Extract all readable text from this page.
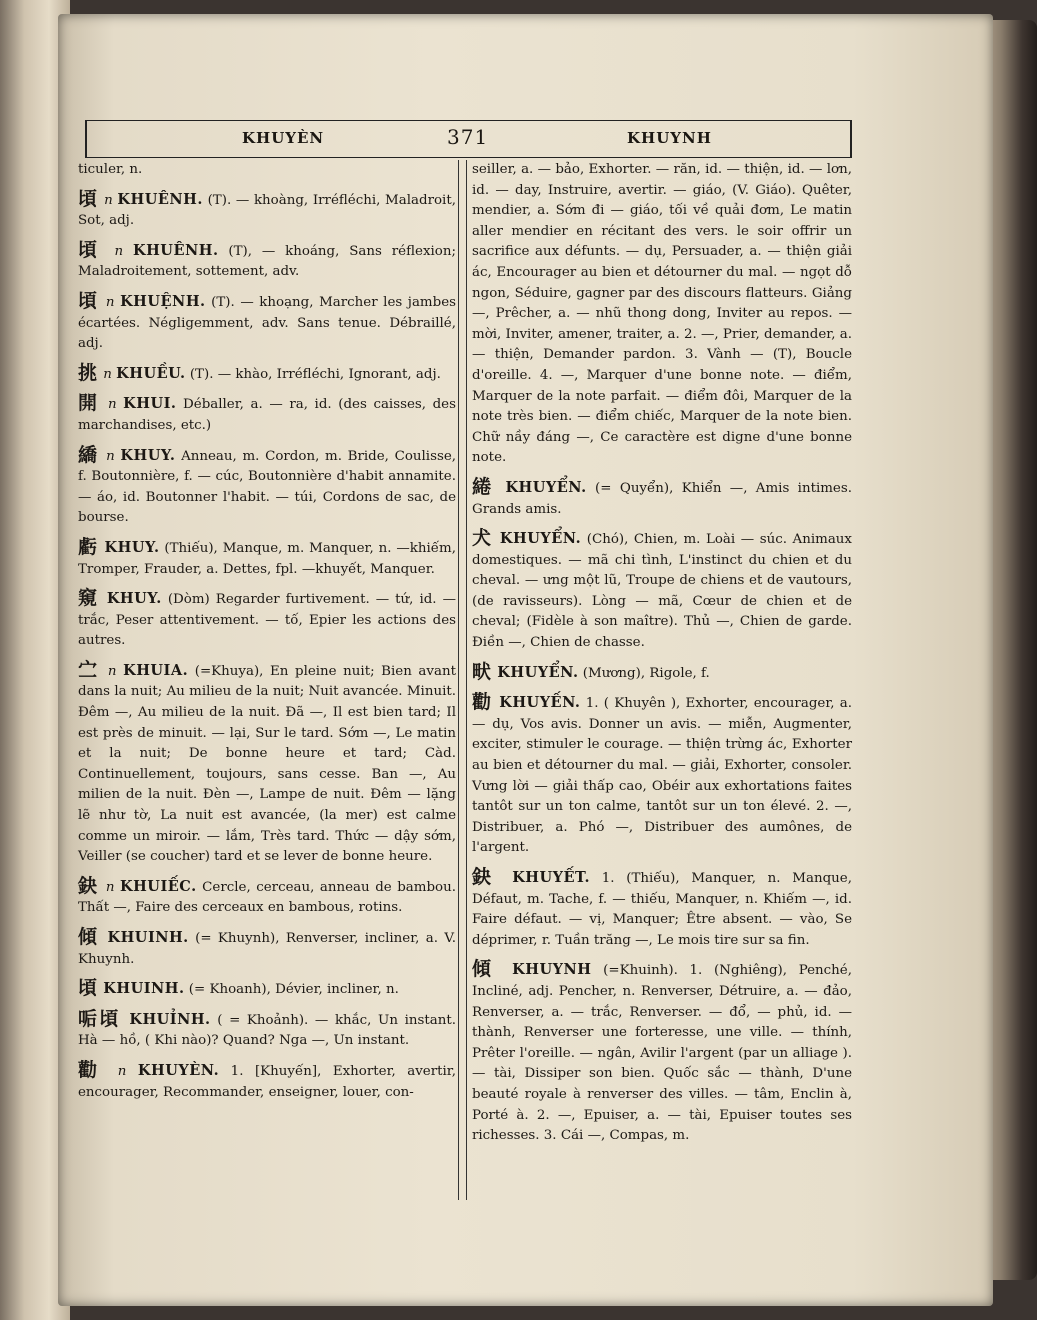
KHUYÈN	371	KHUYNH
ticuler, n.
頃 n KHUÊNH. (T). — khoàng, Irréfléchi, Maladroit, Sot, adj.
頃 n KHUÊNH. (T), — khoáng, Sans réflexion; Maladroitement, sottement, adv.
頃 n KHUỆNH. (T). — khoạng, Marcher les jambes écartées. Négligemment, adv. Sans tenue. Débraillé, adj.
挑 n KHUỀU. (T). — khào, Irréfléchi, Ignorant, adj.
開 n KHUI. Déballer, a. — ra, id. (des caisses, des marchandises, etc.)
繑 n KHUY. Anneau, m. Cordon, m. Bride, Coulisse, f. Boutonnière, f. — cúc, Boutonnière d'habit annamite. — áo, id. Boutonner l'habit. — túi, Cordons de sac, de bourse.
虧 KHUY. (Thiếu), Manque, m. Manquer, n. —khiếm, Tromper, Frauder, a. Dettes, fpl. —khuyết, Manquer.
窺 KHUY. (Dòm) Regarder furtivement. — tứ, id. — trắc, Peser attentivement. — tố, Epier les actions des autres.
㝉 n KHUIA. (=Khuya), En pleine nuit; Bien avant dans la nuit; Au milieu de la nuit; Nuit avancée. Minuit. Đêm —, Au milieu de la nuit. Đã —, Il est bien tard; Il est près de minuit. — lại, Sur le tard. Sớm —, Le matin et la nuit; De bonne heure et tard; Càd. Continuellement, toujours, sans cesse. Ban —, Au milien de la nuit. Đèn —, Lampe de nuit. Đêm — lặng lẽ như tờ, La nuit est avancée, (la mer) est calme comme un miroir. — lắm, Très tard. Thức — dậy sớm, Veiller (se coucher) tard et se lever de bonne heure.
鈌 n KHUIẾC. Cercle, cerceau, anneau de bambou. Thất —, Faire des cerceaux en bambous, rotins.
傾 KHUINH. (= Khuynh), Renverser, incliner, a. V. Khuynh.
頃 KHUINH. (= Khoanh), Dévier, incliner, n.
㖃頃 KHUỈNH. ( = Khoảnh). — khắc, Un instant. Hà — hồ, ( Khi nào)? Quand? Nga —, Un instant.
勸 n KHUYÈN. 1. [Khuyến], Exhorter, avertir, encourager, Recommander, enseigner, louer, con-
seiller, a. — bảo, Exhorter. — răn, id. — thiện, id. — lơn, id. — day, Instruire, avertir. — giáo, (V. Giáo). Quêter, mendier, a. Sớm đi — giáo, tối về quải đơm, Le matin aller mendier en récitant des vers. le soir offrir un sacrifice aux défunts. — dụ, Persuader, a. — thiện giải ác, Encourager au bien et détourner du mal. — ngọt dỗ ngon, Séduire, gagner par des discours flatteurs. Giảng —, Prêcher, a. — nhũ thong dong, Inviter au repos. — mời, Inviter, amener, traiter, a. 2. —, Prier, demander, a. — thiện, Demander pardon. 3. Vành — (T), Boucle d'oreille. 4. —, Marquer d'une bonne note. — điểm, Marquer de la note parfait. — điểm đôi, Marquer de la note très bien. — điểm chiếc, Marquer de la note bien. Chữ nầy đáng —, Ce caractère est digne d'une bonne note.
綣 KHUYỂN. (= Quyển), Khiển —, Amis intimes. Grands amis.
犬 KHUYỂN. (Chó), Chien, m. Loài — súc. Animaux domestiques. — mã chi tình, L'instinct du chien et du cheval. — ưng một lũ, Troupe de chiens et de vautours, (de ravisseurs). Lòng — mã, Cœur de chien et de cheval; (Fidèle à son maître). Thủ —, Chien de garde. Điền —, Chien de chasse.
畎 KHUYỂN. (Mương), Rigole, f.
勸 KHUYẾN. 1. ( Khuyên ), Exhorter, encourager, a. — dụ, Vos avis. Donner un avis. — miễn, Augmenter, exciter, stimuler le courage. — thiện trừng ác, Exhorter au bien et détourner du mal. — giải, Exhorter, consoler. Vưng lời — giải thấp cao, Obéir aux exhortations faites tantôt sur un ton calme, tantôt sur un ton élevé. 2. —, Distribuer, a. Phó —, Distribuer des aumônes, de l'argent.
鈌 KHUYẾT. 1. (Thiếu), Manquer, n. Manque, Défaut, m. Tache, f. — thiếu, Manquer, n. Khiếm —, id. Faire défaut. — vị, Manquer; Être absent. — vào, Se déprimer, r. Tuần trăng —, Le mois tire sur sa fin.
傾 KHUYNH (=Khuinh). 1. (Nghiêng), Penché, Incliné, adj. Pencher, n. Renverser, Détruire, a. — đảo, Renverser, a. — trắc, Renverser. — đổ, — phủ, id. — thành, Renverser une forteresse, une ville. — thính, Prêter l'oreille. — ngân, Avilir l'argent (par un alliage ). — tài, Dissiper son bien. Quốc sắc — thành, D'une beauté royale à renverser des villes. — tâm, Enclin à, Porté à. 2. —, Epuiser, a. — tài, Epuiser toutes ses richesses. 3. Cái —, Compas, m.
